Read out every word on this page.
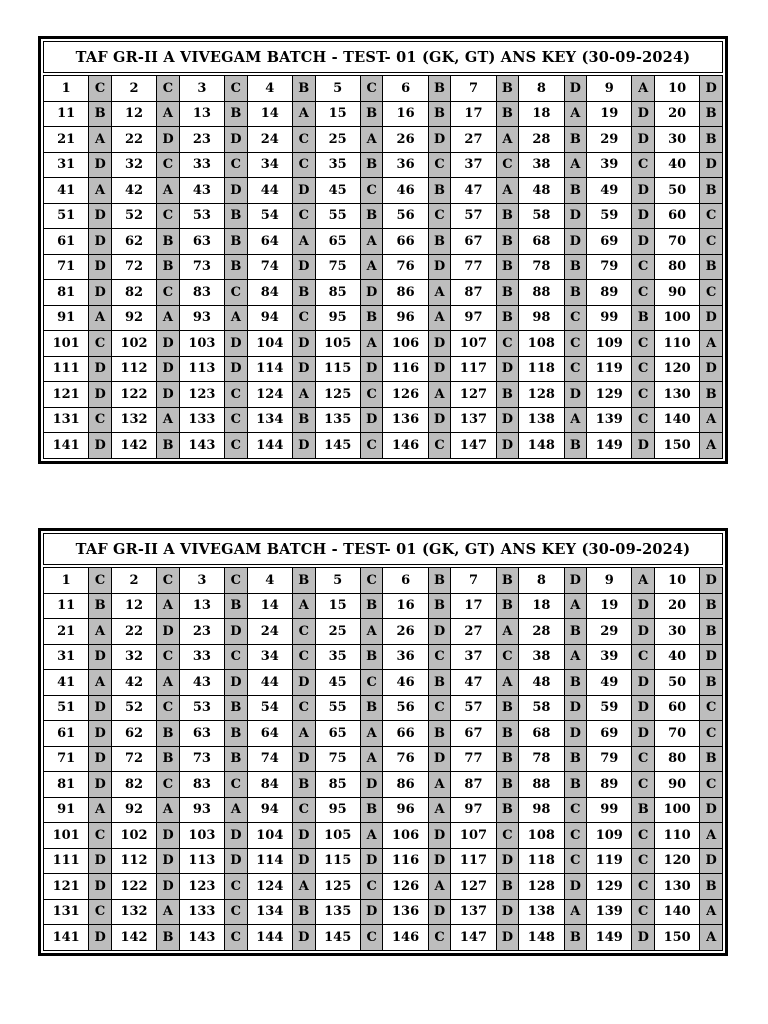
TAF GR-II A VIVEGAM BATCH - TEST- 01 (GK, GT) ANS KEY (30-09-2024)
1	C	2	C	3	C	4	B	5	C	6	B	7	B	8	D	9	A	10	D
11	B	12	A	13	B	14	A	15	B	16	B	17	B	18	A	19	D	20	B
21	A	22	D	23	D	24	C	25	A	26	D	27	A	28	B	29	D	30	B
31	D	32	C	33	C	34	C	35	B	36	C	37	C	38	A	39	C	40	D
41	A	42	A	43	D	44	D	45	C	46	B	47	A	48	B	49	D	50	B
51	D	52	C	53	B	54	C	55	B	56	C	57	B	58	D	59	D	60	C
61	D	62	B	63	B	64	A	65	A	66	B	67	B	68	D	69	D	70	C
71	D	72	B	73	B	74	D	75	A	76	D	77	B	78	B	79	C	80	B
81	D	82	C	83	C	84	B	85	D	86	A	87	B	88	B	89	C	90	C
91	A	92	A	93	A	94	C	95	B	96	A	97	B	98	C	99	B	100	D
101	C	102	D	103	D	104	D	105	A	106	D	107	C	108	C	109	C	110	A
111	D	112	D	113	D	114	D	115	D	116	D	117	D	118	C	119	C	120	D
121	D	122	D	123	C	124	A	125	C	126	A	127	B	128	D	129	C	130	B
131	C	132	A	133	C	134	B	135	D	136	D	137	D	138	A	139	C	140	A
141	D	142	B	143	C	144	D	145	C	146	C	147	D	148	B	149	D	150	A
TAF GR-II A VIVEGAM BATCH - TEST- 01 (GK, GT) ANS KEY (30-09-2024)
1	C	2	C	3	C	4	B	5	C	6	B	7	B	8	D	9	A	10	D
11	B	12	A	13	B	14	A	15	B	16	B	17	B	18	A	19	D	20	B
21	A	22	D	23	D	24	C	25	A	26	D	27	A	28	B	29	D	30	B
31	D	32	C	33	C	34	C	35	B	36	C	37	C	38	A	39	C	40	D
41	A	42	A	43	D	44	D	45	C	46	B	47	A	48	B	49	D	50	B
51	D	52	C	53	B	54	C	55	B	56	C	57	B	58	D	59	D	60	C
61	D	62	B	63	B	64	A	65	A	66	B	67	B	68	D	69	D	70	C
71	D	72	B	73	B	74	D	75	A	76	D	77	B	78	B	79	C	80	B
81	D	82	C	83	C	84	B	85	D	86	A	87	B	88	B	89	C	90	C
91	A	92	A	93	A	94	C	95	B	96	A	97	B	98	C	99	B	100	D
101	C	102	D	103	D	104	D	105	A	106	D	107	C	108	C	109	C	110	A
111	D	112	D	113	D	114	D	115	D	116	D	117	D	118	C	119	C	120	D
121	D	122	D	123	C	124	A	125	C	126	A	127	B	128	D	129	C	130	B
131	C	132	A	133	C	134	B	135	D	136	D	137	D	138	A	139	C	140	A
141	D	142	B	143	C	144	D	145	C	146	C	147	D	148	B	149	D	150	A
